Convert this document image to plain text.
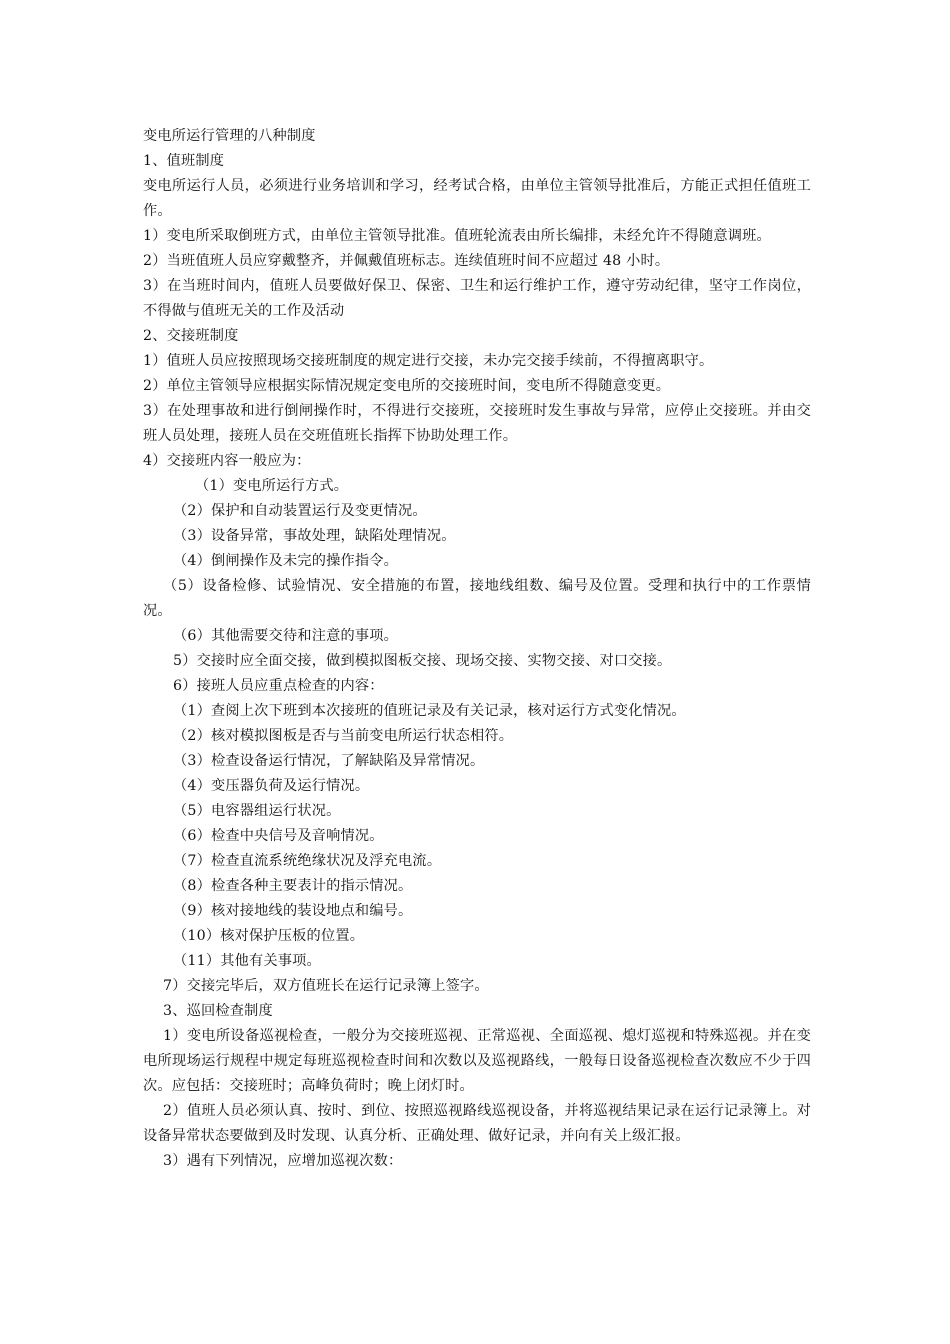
变电所运行管理的八种制度

1、值班制度

变电所运行人员，必须进行业务培训和学习，经考试合格，由单位主管领导批准后，方能正式担任值班工作。

1）变电所采取倒班方式，由单位主管领导批准。值班轮流表由所长编排，未经允许不得随意调班。

2）当班值班人员应穿戴整齐，并佩戴值班标志。连续值班时间不应超过 48 小时。

3）在当班时间内，值班人员要做好保卫、保密、卫生和运行维护工作，遵守劳动纪律，坚守工作岗位，不得做与值班无关的工作及活动

2、交接班制度

1）值班人员应按照现场交接班制度的规定进行交接，未办完交接手续前，不得擅离职守。

2）单位主管领导应根据实际情况规定变电所的交接班时间，变电所不得随意变更。

3）在处理事故和进行倒闸操作时，不得进行交接班，交接班时发生事故与异常，应停止交接班。并由交班人员处理，接班人员在交班值班长指挥下协助处理工作。

4）交接班内容一般应为：

（1）变电所运行方式。

（2）保护和自动装置运行及变更情况。

（3）设备异常，事故处理，缺陷处理情况。

（4）倒闸操作及未完的操作指令。

（5）设备检修、试验情况、安全措施的布置，接地线组数、编号及位置。受理和执行中的工作票情况。

（6）其他需要交待和注意的事项。

5）交接时应全面交接，做到模拟图板交接、现场交接、实物交接、对口交接。

6）接班人员应重点检查的内容：

（1）查阅上次下班到本次接班的值班记录及有关记录，核对运行方式变化情况。

（2）核对模拟图板是否与当前变电所运行状态相符。

（3）检查设备运行情况，了解缺陷及异常情况。

（4）变压器负荷及运行情况。

（5）电容器组运行状况。

（6）检查中央信号及音响情况。

（7）检查直流系统绝缘状况及浮充电流。

（8）检查各种主要表计的指示情况。

（9）核对接地线的装设地点和编号。

（10）核对保护压板的位置。

（11）其他有关事项。

7）交接完毕后，双方值班长在运行记录簿上签字。

3、巡回检查制度

1）变电所设备巡视检查，一般分为交接班巡视、正常巡视、全面巡视、熄灯巡视和特殊巡视。并在变电所现场运行规程中规定每班巡视检查时间和次数以及巡视路线，一般每日设备巡视检查次数应不少于四次。应包括：交接班时；高峰负荷时；晚上闭灯时。

2）值班人员必须认真、按时、到位、按照巡视路线巡视设备，并将巡视结果记录在运行记录簿上。对设备异常状态要做到及时发现、认真分析、正确处理、做好记录，并向有关上级汇报。

3）遇有下列情况，应增加巡视次数：
